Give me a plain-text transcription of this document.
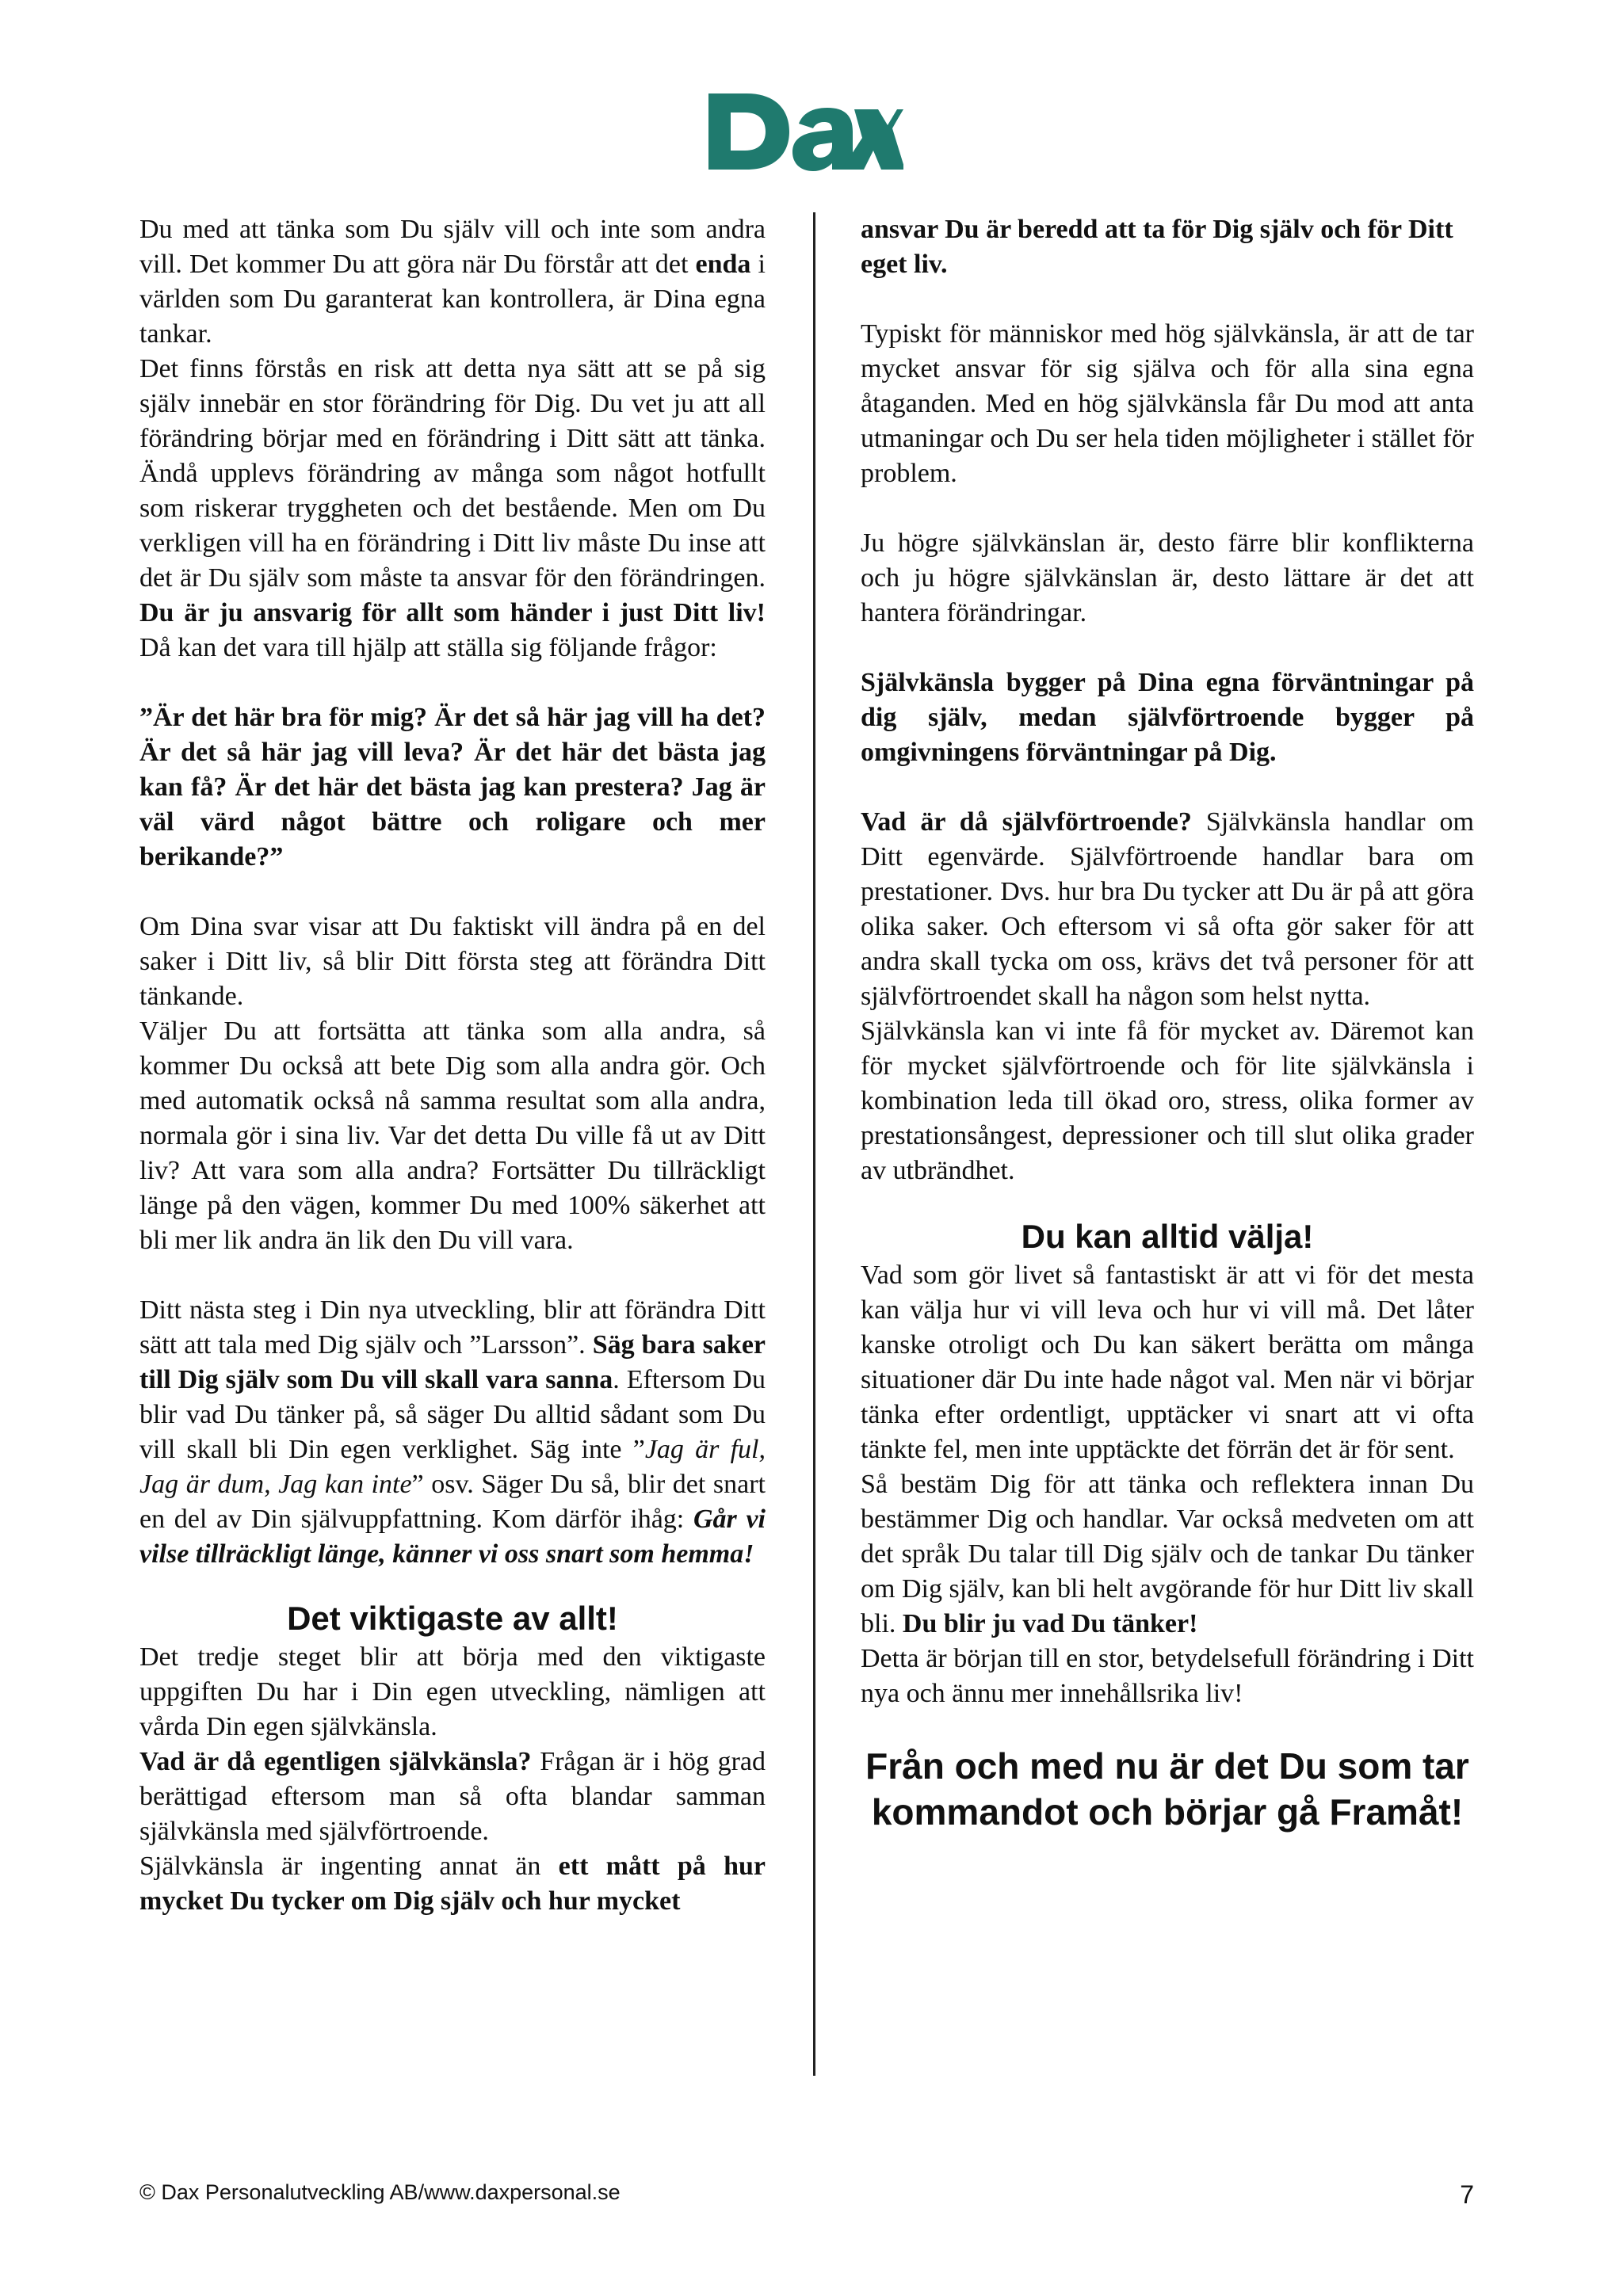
Du med att tänka som Du själv vill och inte som andra vill. Det kommer Du att göra när Du förstår att det enda i världen som Du garanterat kan kontrollera, är Dina egna tankar.

Det finns förstås en risk att detta nya sätt att se på sig själv innebär en stor förändring för Dig. Du vet ju att all förändring börjar med en förändring i Ditt sätt att tänka. Ändå upplevs förändring av många som något hotfullt som riskerar tryggheten och det bestående. Men om Du verkligen vill ha en förändring i Ditt liv måste Du inse att det är Du själv som måste ta ansvar för den förändringen. Du är ju ansvarig för allt som händer i just Ditt liv! Då kan det vara till hjälp att ställa sig följande frågor:

”Är det här bra för mig? Är det så här jag vill ha det? Är det så här jag vill leva? Är det här det bästa jag kan få? Är det här det bästa jag kan prestera? Jag är väl värd något bättre och roligare och mer berikande?”

Om Dina svar visar att Du faktiskt vill ändra på en del saker i Ditt liv, så blir Ditt första steg att förändra Ditt tänkande.

Väljer Du att fortsätta att tänka som alla andra, så kommer Du också att bete Dig som alla andra gör. Och med automatik också nå samma resultat som alla andra, normala gör i sina liv. Var det detta Du ville få ut av Ditt liv? Att vara som alla andra? Fortsätter Du tillräckligt länge på den vägen, kommer Du med 100% säkerhet att bli mer lik andra än lik den Du vill vara.

Ditt nästa steg i Din nya utveckling, blir att förändra Ditt sätt att tala med Dig själv och ”Larsson”. Säg bara saker till Dig själv som Du vill skall vara sanna. Eftersom Du blir vad Du tänker på, så säger Du alltid sådant som Du vill skall bli Din egen verklighet. Säg inte ”Jag är ful, Jag är dum, Jag kan inte” osv. Säger Du så, blir det snart en del av Din självuppfattning. Kom därför ihåg: Går vi vilse tillräckligt länge, känner vi oss snart som hemma!

Det viktigaste av allt!

Det tredje steget blir att börja med den viktigaste uppgiften Du har i Din egen utveckling, nämligen att vårda Din egen självkänsla.

Vad är då egentligen självkänsla? Frågan är i hög grad berättigad eftersom man så ofta blandar samman självkänsla med självförtroende.

Självkänsla är ingenting annat än ett mått på hur mycket Du tycker om Dig själv och hur mycket

ansvar Du är beredd att ta för Dig själv och för Ditt eget liv.

Typiskt för människor med hög självkänsla, är att de tar mycket ansvar för sig själva och för alla sina egna åtaganden. Med en hög självkänsla får Du mod att anta utmaningar och Du ser hela tiden möjligheter i stället för problem.

Ju högre självkänslan är, desto färre blir konflikterna och ju högre självkänslan är, desto lättare är det att hantera förändringar.

Självkänsla bygger på Dina egna förväntningar på dig själv, medan självförtroende bygger på omgivningens förväntningar på Dig.

Vad är då självförtroende? Självkänsla handlar om Ditt egenvärde. Självförtroende handlar bara om prestationer. Dvs. hur bra Du tycker att Du är på att göra olika saker. Och eftersom vi så ofta gör saker för att andra skall tycka om oss, krävs det två personer för att självförtroendet skall ha någon som helst nytta.

Självkänsla kan vi inte få för mycket av. Däremot kan för mycket självförtroende och för lite självkänsla i kombination leda till ökad oro, stress, olika former av prestationsångest, depressioner och till slut olika grader av utbrändhet.

Du kan alltid välja!

Vad som gör livet så fantastiskt är att vi för det mesta kan välja hur vi vill leva och hur vi vill må. Det låter kanske otroligt och Du kan säkert berätta om många situationer där Du inte hade något val. Men när vi börjar tänka efter ordentligt, upptäcker vi snart att vi ofta tänkte fel, men inte upptäckte det förrän det är för sent.

Så bestäm Dig för att tänka och reflektera innan Du bestämmer Dig och handlar. Var också medveten om att det språk Du talar till Dig själv och de tankar Du tänker om Dig själv, kan bli helt avgörande för hur Ditt liv skall bli. Du blir ju vad Du tänker!

Detta är början till en stor, betydelsefull förändring i Ditt nya och ännu mer innehållsrika liv!

Från och med nu är det Du som tar kommandot och börjar gå Framåt!
© Dax Personalutveckling AB/www.daxpersonal.se	7
